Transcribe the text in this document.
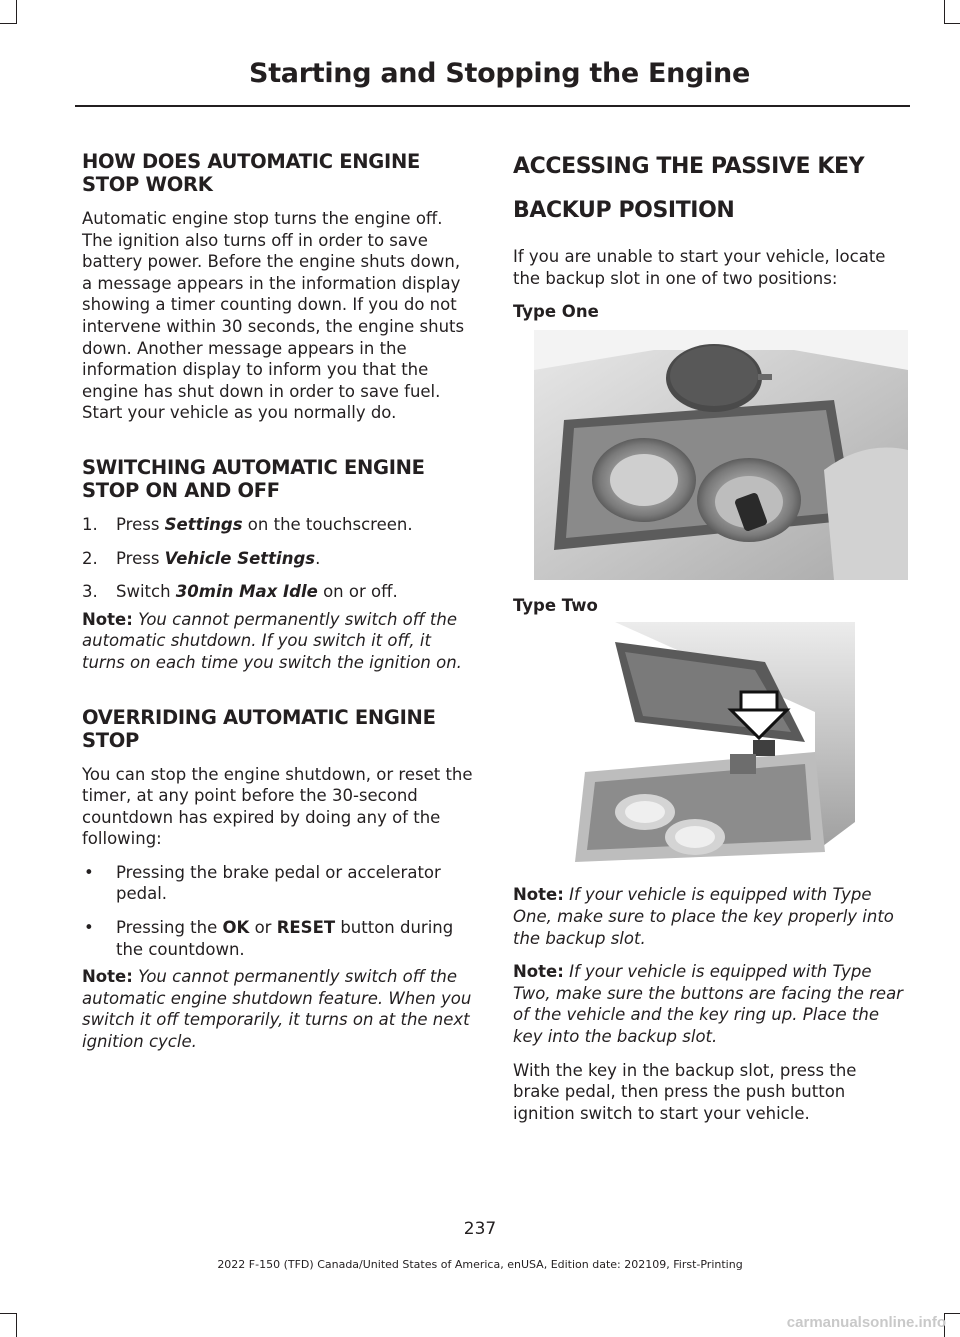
Starting and Stopping the Engine
HOW DOES AUTOMATIC ENGINE STOP WORK

Automatic engine stop turns the engine off. The ignition also turns off in order to save battery power. Before the engine shuts down, a message appears in the information display showing a timer counting down. If you do not intervene within 30 seconds, the engine shuts down. Another message appears in the information display to inform you that the engine has shut down in order to save fuel. Start your vehicle as you normally do.

SWITCHING AUTOMATIC ENGINE STOP ON AND OFF
1. Press Settings on the touchscreen.
2. Press Vehicle Settings.
3. Switch 30min Max Idle on or off.

Note: You cannot permanently switch off the automatic shutdown. If you switch it off, it turns on each time you switch the ignition on.

OVERRIDING AUTOMATIC ENGINE STOP

You can stop the engine shutdown, or reset the timer, at any point before the 30-second countdown has expired by doing any of the following:

• Pressing the brake pedal or accelerator pedal.
• Pressing the OK or RESET button during the countdown.

Note: You cannot permanently switch off the automatic engine shutdown feature. When you switch it off temporarily, it turns on at the next ignition cycle.

ACCESSING THE PASSIVE KEY
BACKUP POSITION

If you are unable to start your vehicle, locate the backup slot in one of two positions:

Type One

Type Two

Note: If your vehicle is equipped with Type One, make sure to place the key properly into the backup slot.

Note: If your vehicle is equipped with Type Two, make sure the buttons are facing the rear of the vehicle and the key ring up. Place the key into the backup slot.

With the key in the backup slot, press the brake pedal, then press the push button ignition switch to start your vehicle.

237
2022 F-150 (TFD) Canada/United States of America, enUSA, Edition date: 202109, First-Printing
carmanualsonline.info
